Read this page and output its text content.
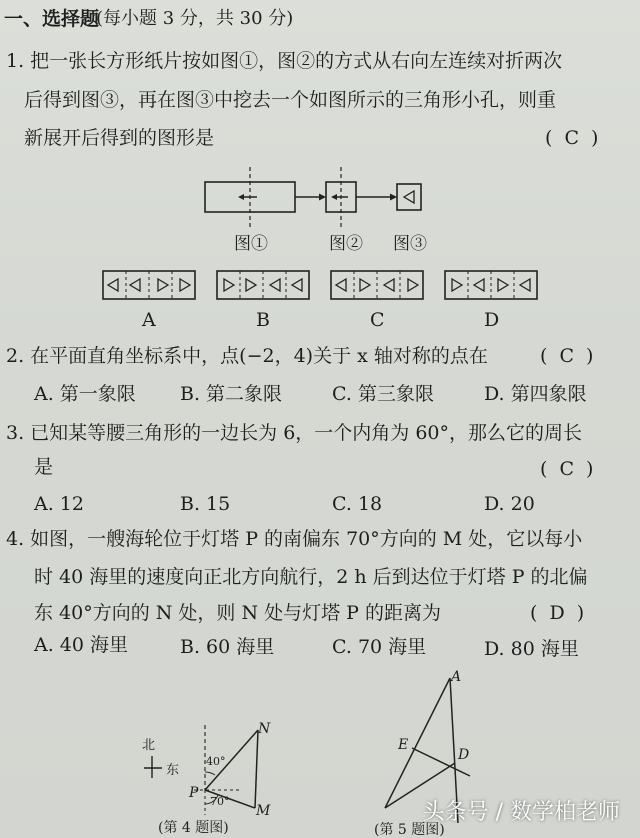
一、选择题
(每小题 3 分，共 30 分)
1. 把一张长方形纸片按如图①，图②的方式从右向左连续对折两次
后得到图③，再在图③中挖去一个如图所示的三角形小孔，则重
新展开后得到的图形是	( C )
图①	图② 图③
A	B	C	D
2. 在平面直角坐标系中，点(−2，4)关于 x 轴对称的点在	( C )
A. 第一象限 B. 第二象限	C. 第三象限	D. 第四象限
3. 已知某等腰三角形的一边长为 6，一个内角为 60°，那么它的周长
是	( C )
A. 12	B. 15	C. 18	D. 20
4. 如图，一艘海轮位于灯塔 P 的南偏东 70°方向的 M 处，它以每小
时 40 海里的速度向正北方向航行，2 h 后到达位于灯塔 P 的北偏
东 40°方向的 N 处，则 N 处与灯塔 P 的距离为	( D )
A. 40 海里	B. 60 海里	C. 70 海里	D. 80 海里
北
东
P
N
M
40°
70°
(第 4 题图)
A
E
D
(第 5 题图)
头条号 / 数学柏老师
